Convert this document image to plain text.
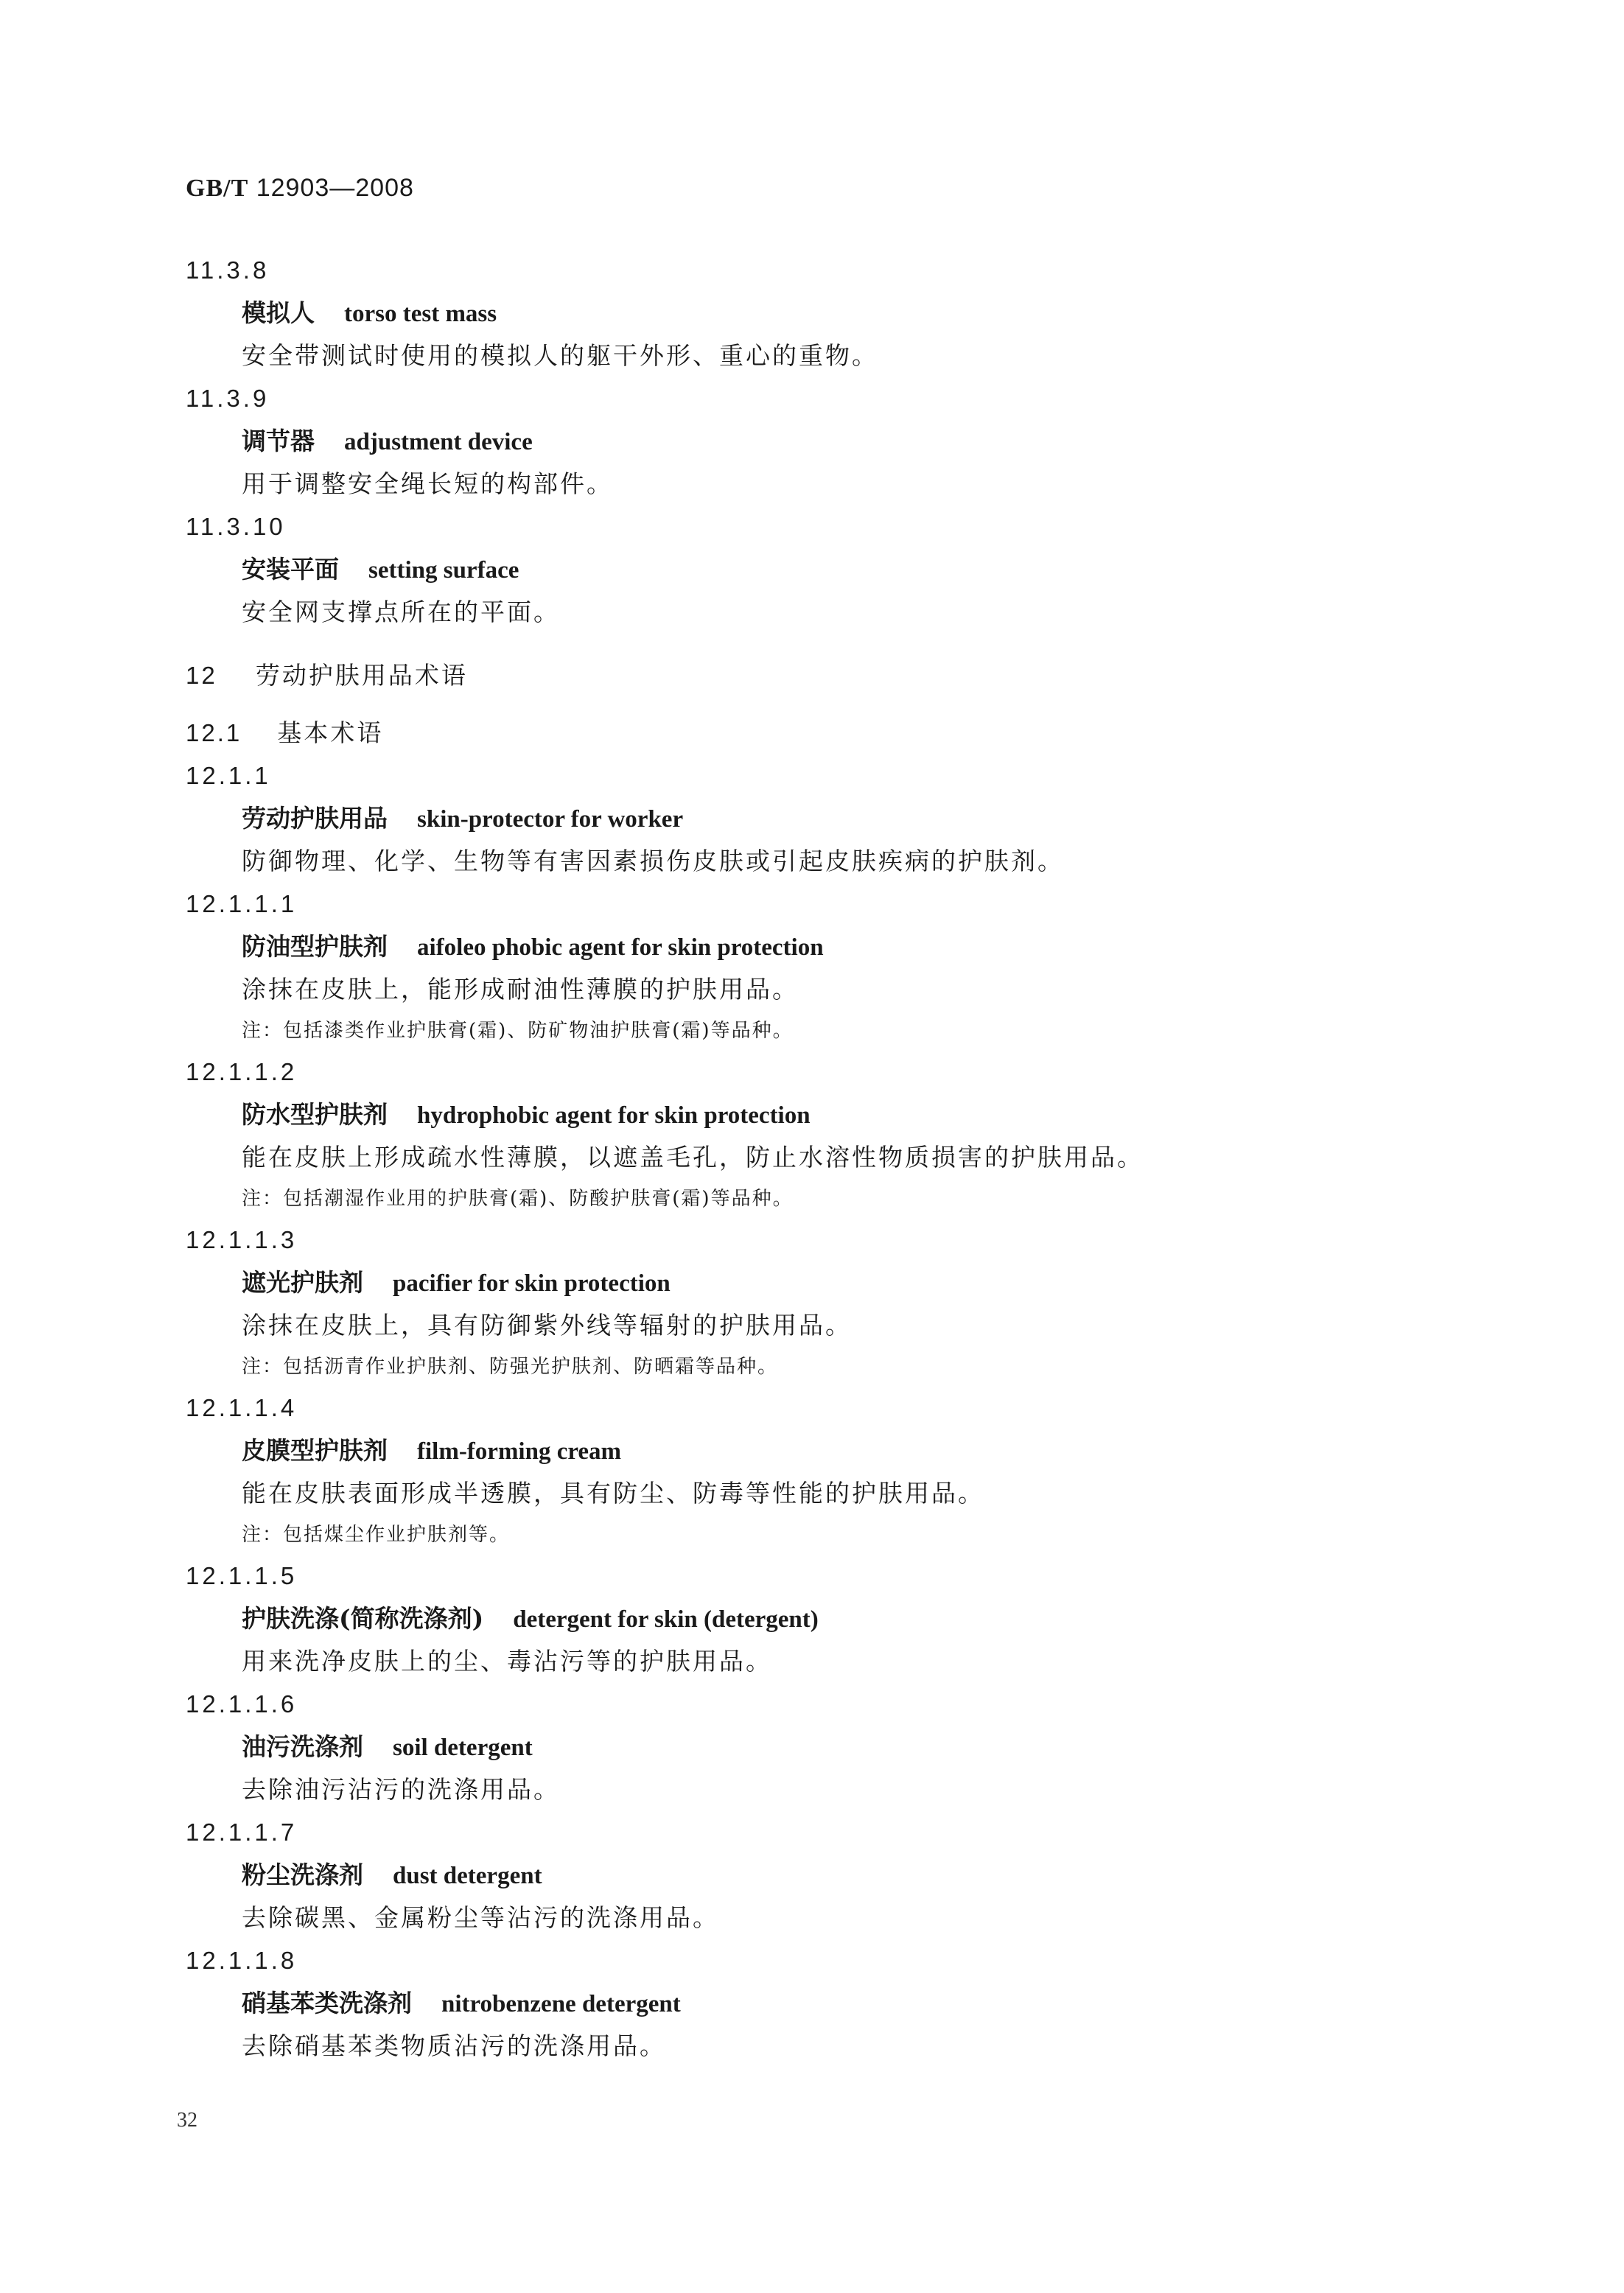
GB/T 12903—2008
11.3.8
模拟人 torso test mass
安全带测试时使用的模拟人的躯干外形、重心的重物。
11.3.9
调节器 adjustment device
用于调整安全绳长短的构部件。
11.3.10
安装平面 setting surface
安全网支撑点所在的平面。
12 劳动护肤用品术语
12.1 基本术语
12.1.1
劳动护肤用品 skin-protector for worker
防御物理、化学、生物等有害因素损伤皮肤或引起皮肤疾病的护肤剂。
12.1.1.1
防油型护肤剂 aifoleo phobic agent for skin protection
涂抹在皮肤上，能形成耐油性薄膜的护肤用品。
注：包括漆类作业护肤膏(霜)、防矿物油护肤膏(霜)等品种。
12.1.1.2
防水型护肤剂 hydrophobic agent for skin protection
能在皮肤上形成疏水性薄膜，以遮盖毛孔，防止水溶性物质损害的护肤用品。
注：包括潮湿作业用的护肤膏(霜)、防酸护肤膏(霜)等品种。
12.1.1.3
遮光护肤剂 pacifier for skin protection
涂抹在皮肤上，具有防御紫外线等辐射的护肤用品。
注：包括沥青作业护肤剂、防强光护肤剂、防晒霜等品种。
12.1.1.4
皮膜型护肤剂 film-forming cream
能在皮肤表面形成半透膜，具有防尘、防毒等性能的护肤用品。
注：包括煤尘作业护肤剂等。
12.1.1.5
护肤洗涤(简称洗涤剂) detergent for skin (detergent)
用来洗净皮肤上的尘、毒沾污等的护肤用品。
12.1.1.6
油污洗涤剂 soil detergent
去除油污沾污的洗涤用品。
12.1.1.7
粉尘洗涤剂 dust detergent
去除碳黑、金属粉尘等沾污的洗涤用品。
12.1.1.8
硝基苯类洗涤剂 nitrobenzene detergent
去除硝基苯类物质沾污的洗涤用品。
32
